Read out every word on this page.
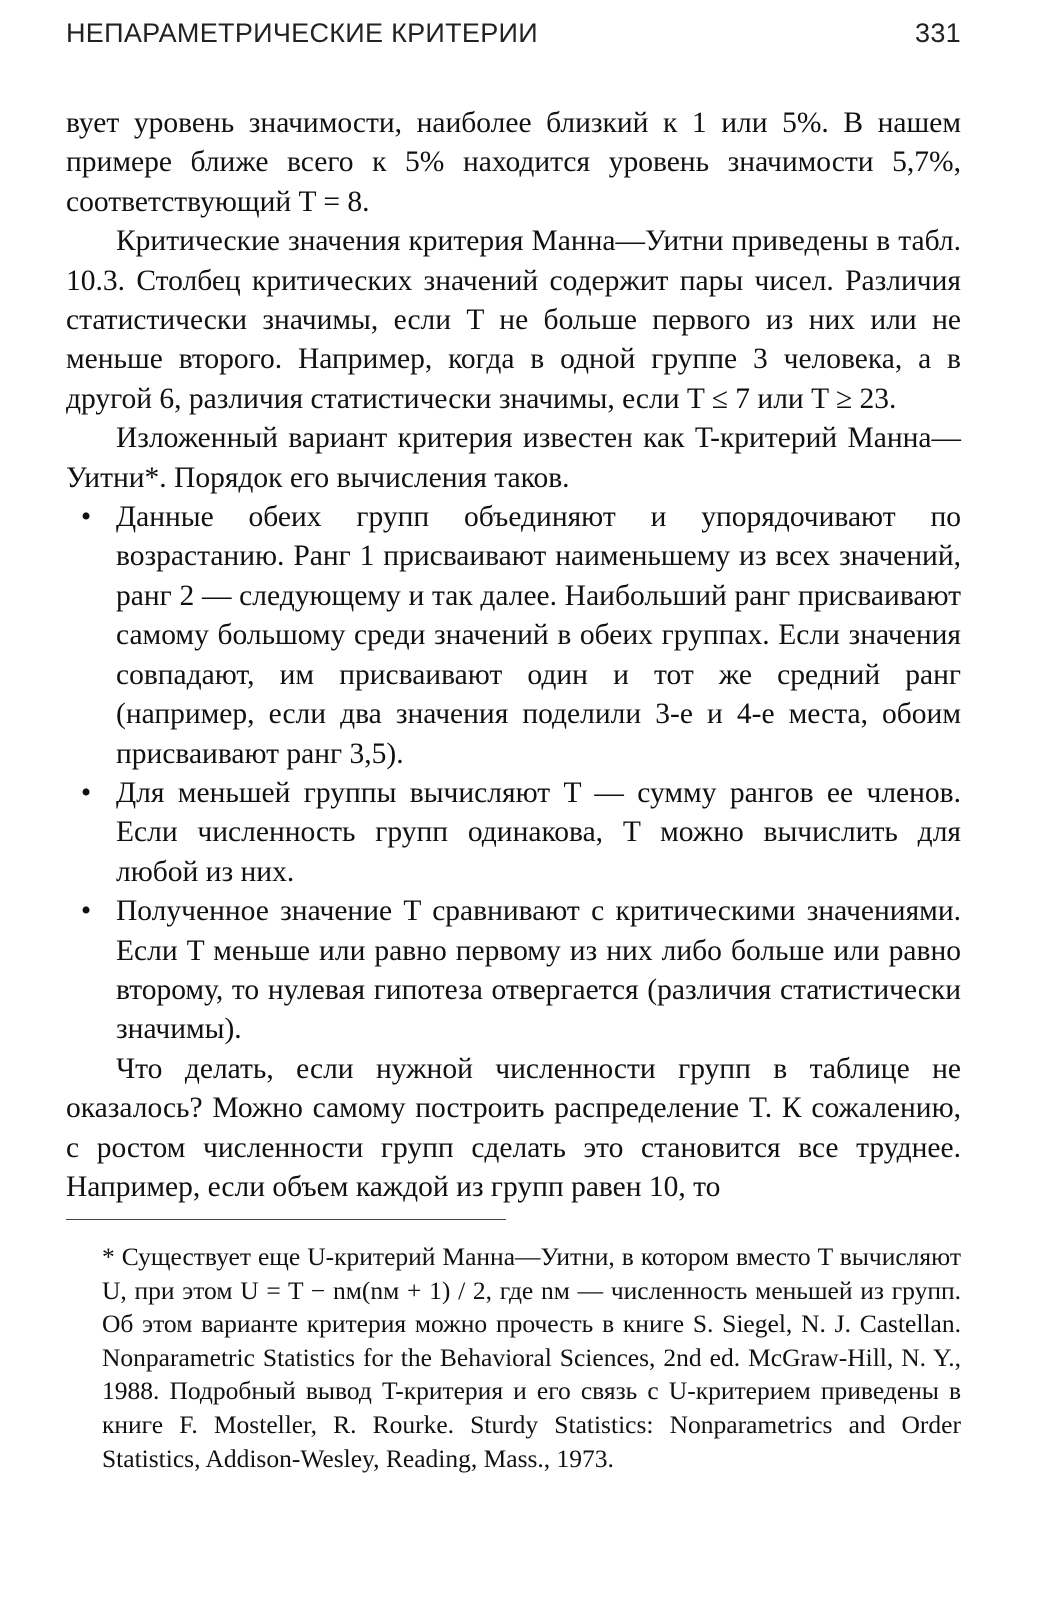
НЕПАРАМЕТРИЧЕСКИЕ КРИТЕРИИ	331

вует уровень значимости, наиболее близкий к 1 или 5%. В нашем примере ближе всего к 5% находится уровень значимости 5,7%, соответствующий T = 8.

Критические значения критерия Манна—Уитни приведены в табл. 10.3. Столбец критических значений содержит пары чисел. Различия статистически значимы, если T не больше первого из них или не меньше второго. Например, когда в одной группе 3 человека, а в другой 6, различия статистически значимы, если T ≤ 7 или T ≥ 23.

Изложенный вариант критерия известен как T-критерий Манна—Уитни*. Порядок его вычисления таков.

• Данные обеих групп объединяют и упорядочивают по возрастанию. Ранг 1 присваивают наименьшему из всех значений, ранг 2 — следующему и так далее. Наибольший ранг присваивают самому большому среди значений в обеих группах. Если значения совпадают, им присваивают один и тот же средний ранг (например, если два значения поделили 3-е и 4-е места, обоим присваивают ранг 3,5).
• Для меньшей группы вычисляют T — сумму рангов ее членов. Если численность групп одинакова, T можно вычислить для любой из них.
• Полученное значение T сравнивают с критическими значениями. Если T меньше или равно первому из них либо больше или равно второму, то нулевая гипотеза отвергается (различия статистически значимы).

Что делать, если нужной численности групп в таблице не оказалось? Можно самому построить распределение T. К сожалению, с ростом численности групп сделать это становится все труднее. Например, если объем каждой из групп равен 10, то

* Существует еще U-критерий Манна—Уитни, в котором вместо T вычисляют U, при этом U = T − nм(nм + 1) / 2, где nм — численность меньшей из групп. Об этом варианте критерия можно прочесть в книге S. Siegel, N. J. Castellan. Nonparametric Statistics for the Behavioral Sciences, 2nd ed. McGraw-Hill, N. Y., 1988. Подробный вывод T-критерия и его связь с U-критерием приведены в книге F. Mosteller, R. Rourke. Sturdy Statistics: Nonparametrics and Order Statistics, Addison-Wesley, Reading, Mass., 1973.
